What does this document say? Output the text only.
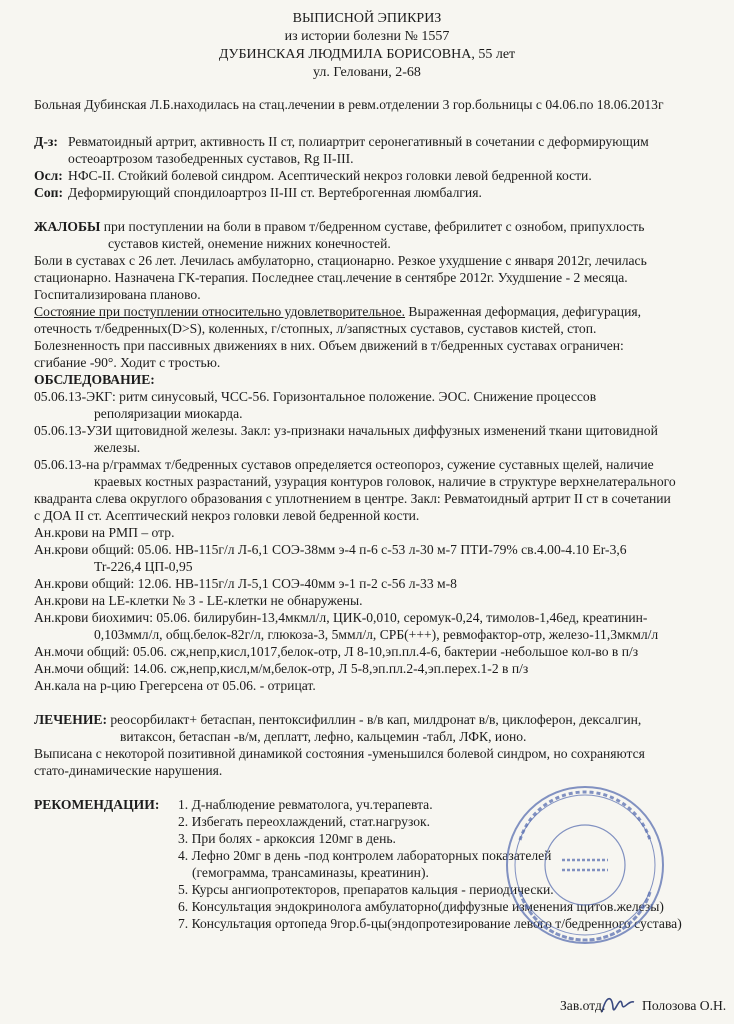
ВЫПИСНОЙ ЭПИКРИЗ
из истории болезни № 1557
ДУБИНСКАЯ ЛЮДМИЛА БОРИСОВНА, 55 лет
ул. Геловани, 2-68
Больная Дубинская Л.Б.находилась на стац.лечении в ревм.отделении 3 гор.больницы с 04.06.по 18.06.2013г
Д-з: Ревматоидный артрит, активность II ст, полиартрит серонегативный в сочетании с деформирующим
остеоартрозом тазобедренных суставов, Rg II-III.
Осл: НФС-II. Стойкий болевой синдром. Асептический некроз головки левой бедренной кости.
Соп: Деформирующий спондилоартроз II-III ст. Вертеброгенная люмбалгия.
ЖАЛОБЫ при поступлении на боли в правом т/бедренном суставе, фебрилитет с ознобом, припухлость
суставов кистей, онемение нижних конечностей.
Боли в суставах с 26 лет. Лечилась амбулаторно, стационарно. Резкое ухудшение с января 2012г, лечилась
стационарно. Назначена ГК-терапия. Последнее стац.лечение в сентябре 2012г. Ухудшение - 2 месяца.
Госпитализирована планово.
Состояние при поступлении относительно удовлетворительное. Выраженная деформация, дефигурация,
отечность т/бедренных(D>S), коленных, г/стопных, л/запястных суставов, суставов кистей, стоп.
Болезненность при пассивных движениях в них. Объем движений в т/бедренных суставах ограничен:
сгибание -90°. Ходит с тростью.
ОБСЛЕДОВАНИЕ:
05.06.13-ЭКГ: ритм синусовый, ЧСС-56. Горизонтальное положение. ЭОС. Снижение процессов
реполяризации миокарда.
05.06.13-УЗИ щитовидной железы. Закл: уз-признаки начальных диффузных изменений ткани щитовидной
железы.
05.06.13-на р/граммах т/бедренных суставов определяется остеопороз, сужение суставных щелей, наличие
краевых костных разрастаний, узурация контуров головок, наличие в структуре верхнелатерального
квадранта слева округлого образования с уплотнением в центре. Закл: Ревматоидный артрит II ст в сочетании
с ДОА II ст. Асептический некроз головки левой бедренной кости.
Ан.крови на РМП – отр.
Ан.крови общий: 05.06. НВ-115г/л Л-6,1 СОЭ-38мм э-4 п-6 с-53 л-30 м-7 ПТИ-79% св.4.00-4.10 Er-3,6
Tr-226,4 ЦП-0,95
Ан.крови общий: 12.06. НВ-115г/л Л-5,1 СОЭ-40мм э-1 п-2 с-56 л-33 м-8
Ан.крови на LE-клетки № 3 - LE-клетки не обнаружены.
Ан.крови биохимич: 05.06. билирубин-13,4мкмл/л, ЦИК-0,010, серомук-0,24, тимолов-1,46ед, креатинин-
0,103ммл/л, общ.белок-82г/л, глюкоза-3, 5ммл/л, СРБ(+++), ревмофактор-отр, железо-11,3мкмл/л
Ан.мочи общий: 05.06. сж,непр,кисл,1017,белок-отр, Л 8-10,эп.пл.4-6, бактерии -небольшое кол-во в п/з
Ан.мочи общий: 14.06. сж,непр,кисл,м/м,белок-отр, Л 5-8,эп.пл.2-4,эп.перех.1-2 в п/з
Ан.кала на р-цию Грегерсена от 05.06. - отрицат.
ЛЕЧЕНИЕ: реосорбилакт+ бетаспан, пентоксифиллин - в/в кап, милдронат в/в, циклоферон, дексалгин,
витаксон, бетаспан -в/м, деплатт, лефно, кальцемин -табл, ЛФК, ионо.
Выписана с некоторой позитивной динамикой состояния -уменьшился болевой синдром, но сохраняются
стато-динамические нарушения.
РЕКОМЕНДАЦИИ: 1. Д-наблюдение ревматолога, уч.терапевта.
2. Избегать переохлаждений, стат.нагрузок.
3. При болях - аркоксия 120мг в день.
4. Лефно 20мг в день -под контролем лабораторных показателей
(гемограмма, трансаминазы, креатинин).
5. Курсы ангиопротекторов, препаратов кальция - периодически.
6. Консультация эндокринолога амбулаторно(диффузные изменения щитов.железы)
7. Консультация ортопеда 9гор.б-цы(эндопротезирование левого т/бедренного сустава)
Зав.отд.	Полозова О.Н.
